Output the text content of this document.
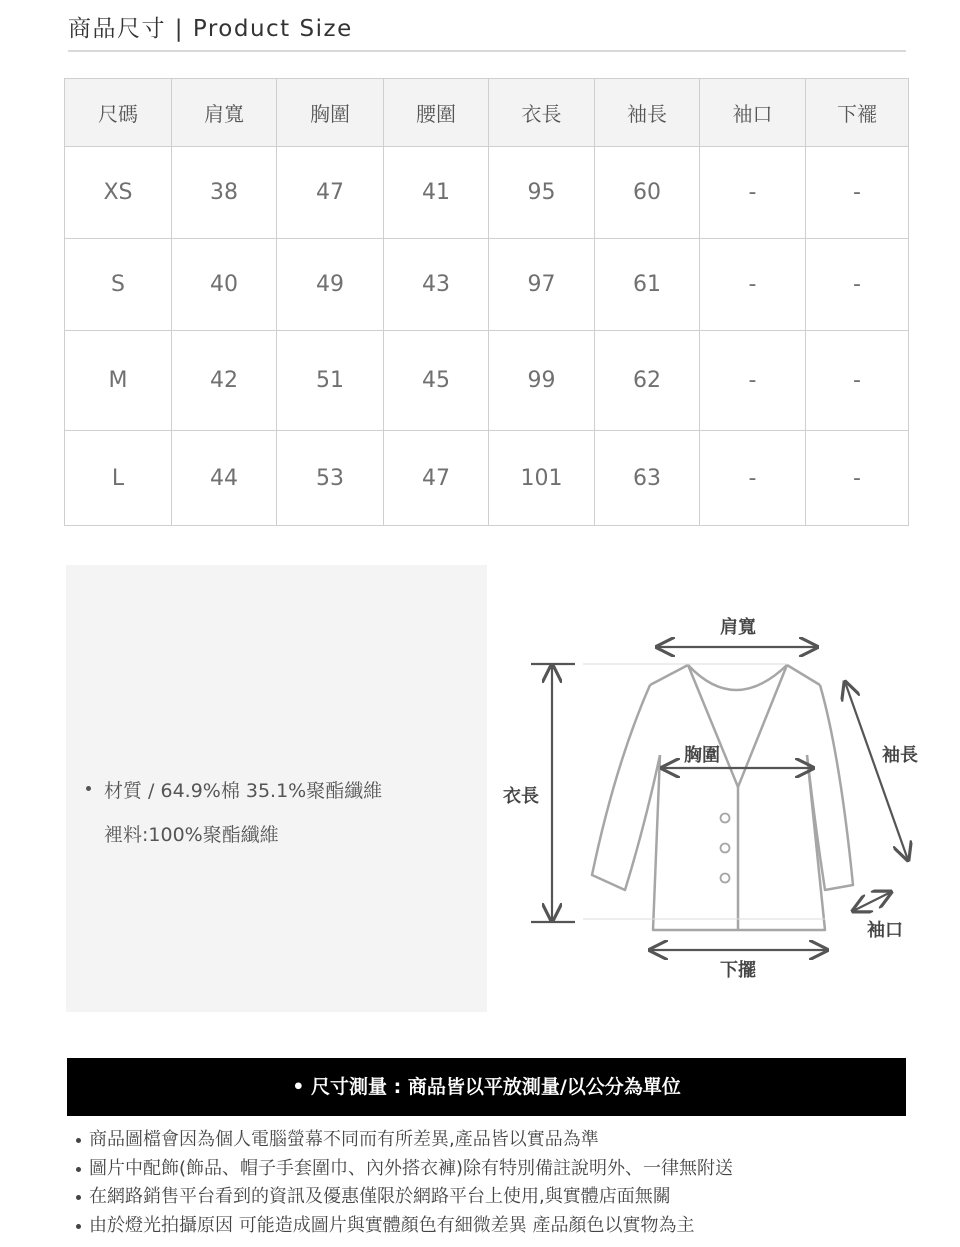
商品尺寸 | Product Size
尺碼	肩寬	胸圍	腰圍	衣長	袖長	袖口	下襬
XS	38	47	41	95	60	-	-
S	40	49	43	97	61	-	-
M	42	51	45	99	62	-	-
L	44	53	47	101	63	-	-
材質 / 64.9%棉 35.1%聚酯纖維
裡料:100%聚酯纖維
肩寬
胸圍
衣長
袖長
袖口
下擺
• 尺寸測量 : 商品皆以平放測量/以公分為單位
商品圖檔會因為個人電腦螢幕不同而有所差異,產品皆以實品為準
圖片中配飾(飾品、帽子手套圍巾、內外搭衣褲)除有特別備註說明外、一律無附送
在網路銷售平台看到的資訊及優惠僅限於網路平台上使用,與實體店面無關
由於燈光拍攝原因 可能造成圖片與實體顏色有細微差異 產品顏色以實物為主
